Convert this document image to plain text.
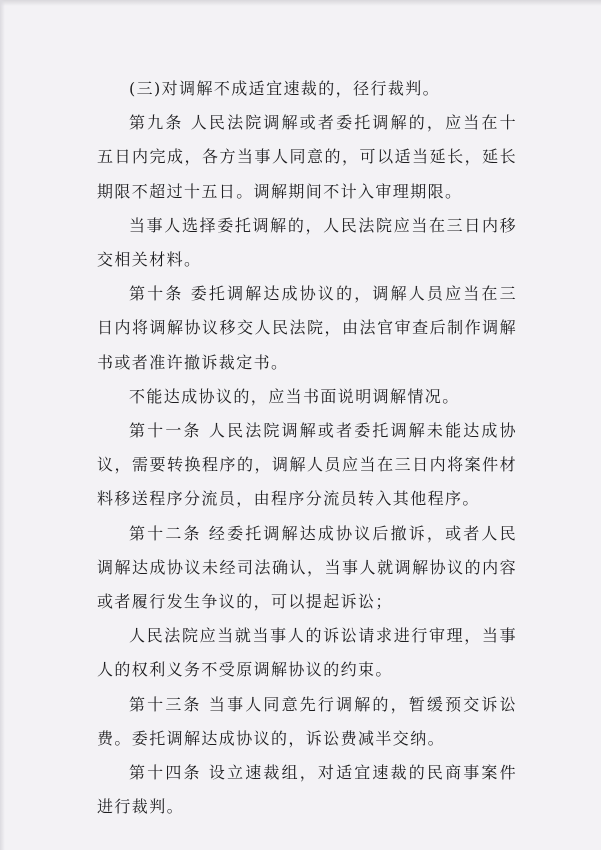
(三)对调解不成适宜速裁的，径行裁判。

第九条 人民法院调解或者委托调解的，应当在十五日内完成，各方当事人同意的，可以适当延长，延长期限不超过十五日。调解期间不计入审理期限。

当事人选择委托调解的，人民法院应当在三日内移交相关材料。

第十条 委托调解达成协议的，调解人员应当在三日内将调解协议移交人民法院，由法官审查后制作调解书或者准许撤诉裁定书。

不能达成协议的，应当书面说明调解情况。

第十一条 人民法院调解或者委托调解未能达成协议，需要转换程序的，调解人员应当在三日内将案件材料移送程序分流员，由程序分流员转入其他程序。

第十二条 经委托调解达成协议后撤诉，或者人民调解达成协议未经司法确认，当事人就调解协议的内容或者履行发生争议的，可以提起诉讼；

人民法院应当就当事人的诉讼请求进行审理，当事人的权利义务不受原调解协议的约束。

第十三条 当事人同意先行调解的，暂缓预交诉讼费。委托调解达成协议的，诉讼费减半交纳。

第十四条 设立速裁组，对适宜速裁的民商事案件进行裁判。
